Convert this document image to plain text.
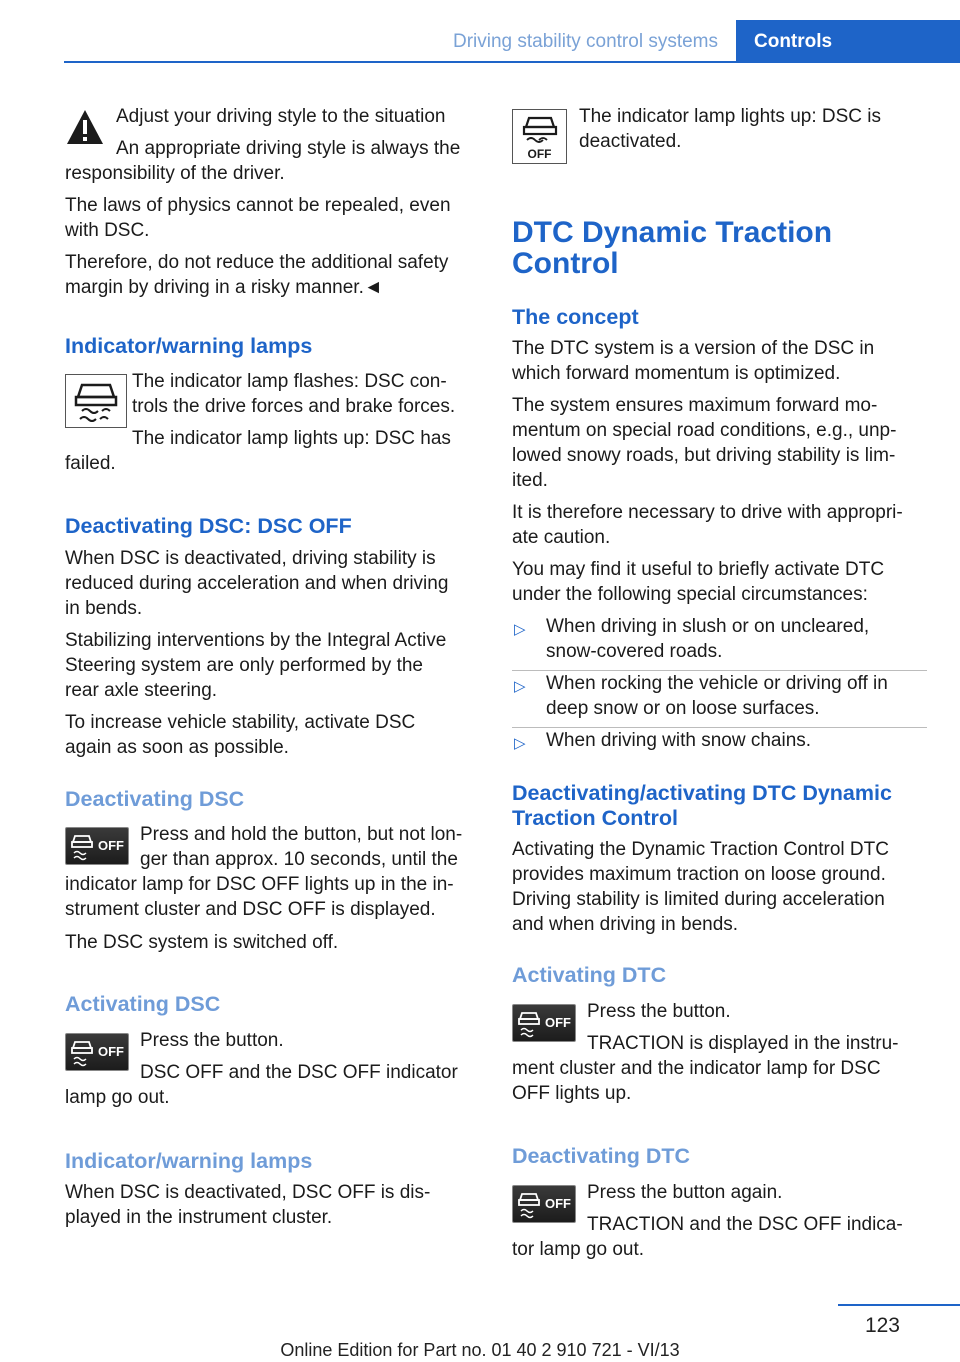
Driving stability control systems	Controls

Adjust your driving style to the situation

An appropriate driving style is always the

responsibility of the driver.

The laws of physics cannot be repealed, even

with DSC.

Therefore, do not reduce the additional safety

margin by driving in a risky manner.◄

Indicator/warning lamps

The indicator lamp flashes: DSC con-

trols the drive forces and brake forces.

The indicator lamp lights up: DSC has

failed.

Deactivating DSC: DSC OFF

When DSC is deactivated, driving stability is

reduced during acceleration and when driving

in bends.

Stabilizing interventions by the Integral Active

Steering system are only performed by the

rear axle steering.

To increase vehicle stability, activate DSC

again as soon as possible.

Deactivating DSC
OFF

Press and hold the button, but not lon-

ger than approx. 10 seconds, until the

indicator lamp for DSC OFF lights up in the in-

strument cluster and DSC OFF is displayed.

The DSC system is switched off.

Activating DSC
OFF

Press the button.

DSC OFF and the DSC OFF indicator

lamp go out.

Indicator/warning lamps

When DSC is deactivated, DSC OFF is dis-

played in the instrument cluster.

OFF

The indicator lamp lights up: DSC is

deactivated.

DTC Dynamic Traction
Control
The concept

The DTC system is a version of the DSC in

which forward momentum is optimized.

The system ensures maximum forward mo-

mentum on special road conditions, e.g., unp-

lowed snowy roads, but driving stability is lim-

ited.

It is therefore necessary to drive with appropri-

ate caution.

You may find it useful to briefly activate DTC

under the following special circumstances:

▷ When driving in slush or on uncleared,

snow-covered roads.

▷ When rocking the vehicle or driving off in

deep snow or on loose surfaces.

▷ When driving with snow chains.

Deactivating/activating DTC Dynamic
Traction Control

Activating the Dynamic Traction Control DTC

provides maximum traction on loose ground.

Driving stability is limited during acceleration

and when driving in bends.

Activating DTC
OFF

Press the button.

TRACTION is displayed in the instru-

ment cluster and the indicator lamp for DSC

OFF lights up.

Deactivating DTC
OFF

Press the button again.

TRACTION and the DSC OFF indica-

tor lamp go out.

123
Online Edition for Part no. 01 40 2 910 721 - VI/13
